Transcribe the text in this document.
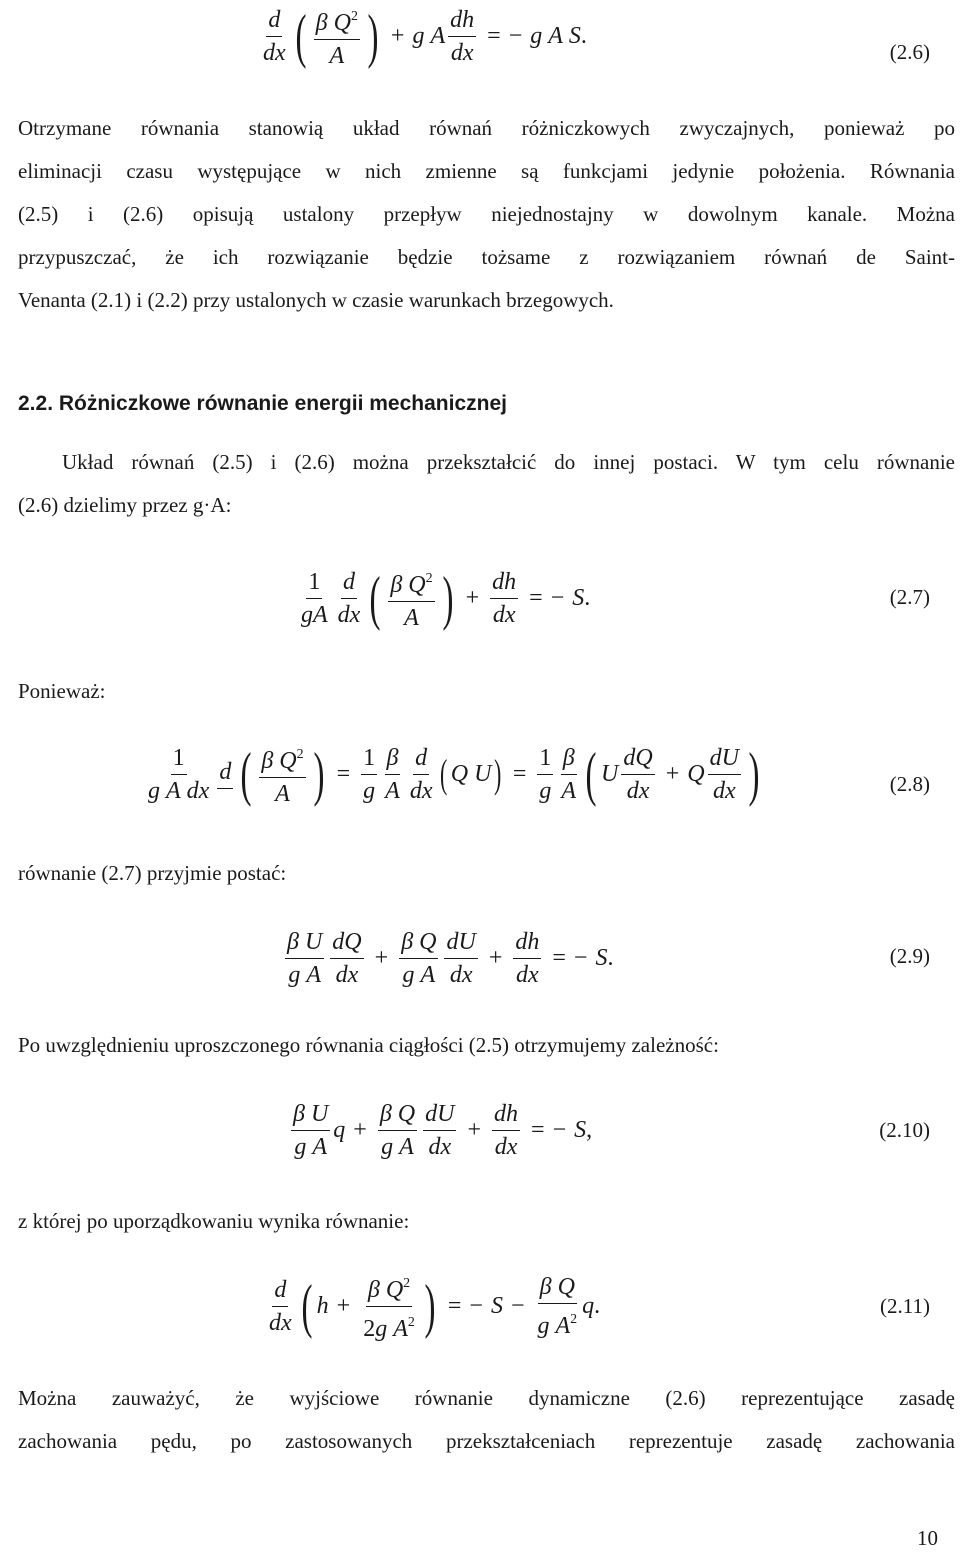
$\frac{d}{dx}$ ( $\frac{\beta Q^2}{A}$ ) + g A $\frac{dh}{dx}$ = − g A S .
(2.6)

Otrzymane równania stanowią układ równań różniczkowych zwyczajnych, ponieważ po

eliminacji czasu występujące w nich zmienne są funkcjami jedynie położenia. Równania

(2.5) i (2.6) opisują ustalony przepływ niejednostajny w dowolnym kanale. Można

przypuszczać, że ich rozwiązanie będzie tożsame z rozwiązaniem równań de Saint-

Venanta (2.1) i (2.2) przy ustalonych w czasie warunkach brzegowych.

2.2. Różniczkowe równanie energii mechanicznej

Układ równań (2.5) i (2.6) można przekształcić do innej postaci. W tym celu równanie

(2.6) dzielimy przez g·A:

$\frac{1}{gA} \frac{d}{dx}$ ( $\frac{\beta Q^2}{A}$ ) + $\frac{dh}{dx}$ = − S .	(2.7)
Ponieważ:
$\frac{1}{\text{g A dx}}$ d ( $\frac{\beta Q^2}{A}$ ) = $\frac{1}{g} \frac{\beta}{A} \frac{d}{dx}$ ( Q U ) = $\frac{1}{g} \frac{\beta}{A}$ ( U $\frac{dQ}{dx} + Q \frac{dU}{dx}$ )	(2.8)
równanie (2.7) przyjmie postać:
$\frac{\text{β U}}{\text{g A}} \frac{dQ}{dx} + \frac{\text{β Q}}{\text{g A}} \frac{dU}{dx} + \frac{dh}{dx}$ = − S .	(2.9)
Po uwzględnieniu uproszczonego równania ciągłości (2.5) otrzymujemy zależność:
$\frac{\text{β U}}{\text{g A}}$ $q + \frac{\text{β Q}}{\text{g A}} \frac{dU}{dx} + \frac{dh}{dx}$ = − S ,	(2.10)
z której po uporządkowaniu wynika równanie:
$\frac{d}{dx}$ ( $h + \frac{\beta Q^2}{2g A^2}$ ) = − $S - \frac{\text{β Q}}{g A^2}$ q .	(2.11)

Można zauważyć, że wyjściowe równanie dynamiczne (2.6) reprezentujące zasadę

zachowania pędu, po zastosowanych przekształceniach reprezentuje zasadę zachowania

10
